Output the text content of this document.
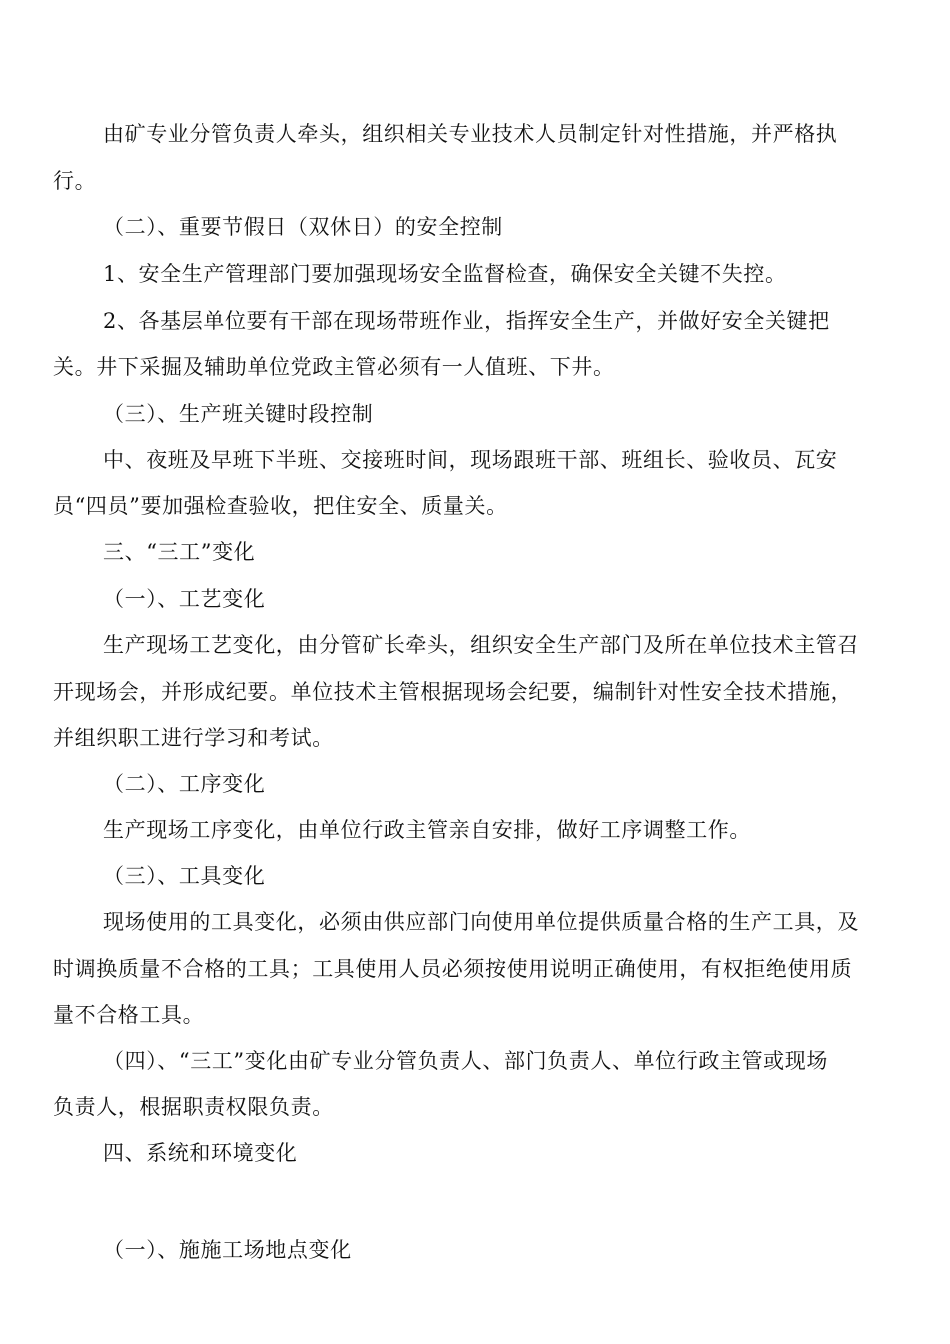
由矿专业分管负责人牵头，组织相关专业技术人员制定针对性措施，并严格执
行。
（二）、重要节假日（双休日）的安全控制
1、安全生产管理部门要加强现场安全监督检查，确保安全关键不失控。
2、各基层单位要有干部在现场带班作业，指挥安全生产，并做好安全关键把
关。井下采掘及辅助单位党政主管必须有一人值班、下井。
（三）、生产班关键时段控制
中、夜班及早班下半班、交接班时间，现场跟班干部、班组长、验收员、瓦安
员“四员”要加强检查验收，把住安全、质量关。
三、“三工”变化
（一）、工艺变化
生产现场工艺变化，由分管矿长牵头，组织安全生产部门及所在单位技术主管召
开现场会，并形成纪要。单位技术主管根据现场会纪要，编制针对性安全技术措施，
并组织职工进行学习和考试。
（二）、工序变化
生产现场工序变化，由单位行政主管亲自安排，做好工序调整工作。
（三）、工具变化
现场使用的工具变化，必须由供应部门向使用单位提供质量合格的生产工具，及
时调换质量不合格的工具；工具使用人员必须按使用说明正确使用，有权拒绝使用质
量不合格工具。
（四）、“三工”变化由矿专业分管负责人、部门负责人、单位行政主管或现场
负责人，根据职责权限负责。
四、系统和环境变化
（一）、施施工场地点变化
